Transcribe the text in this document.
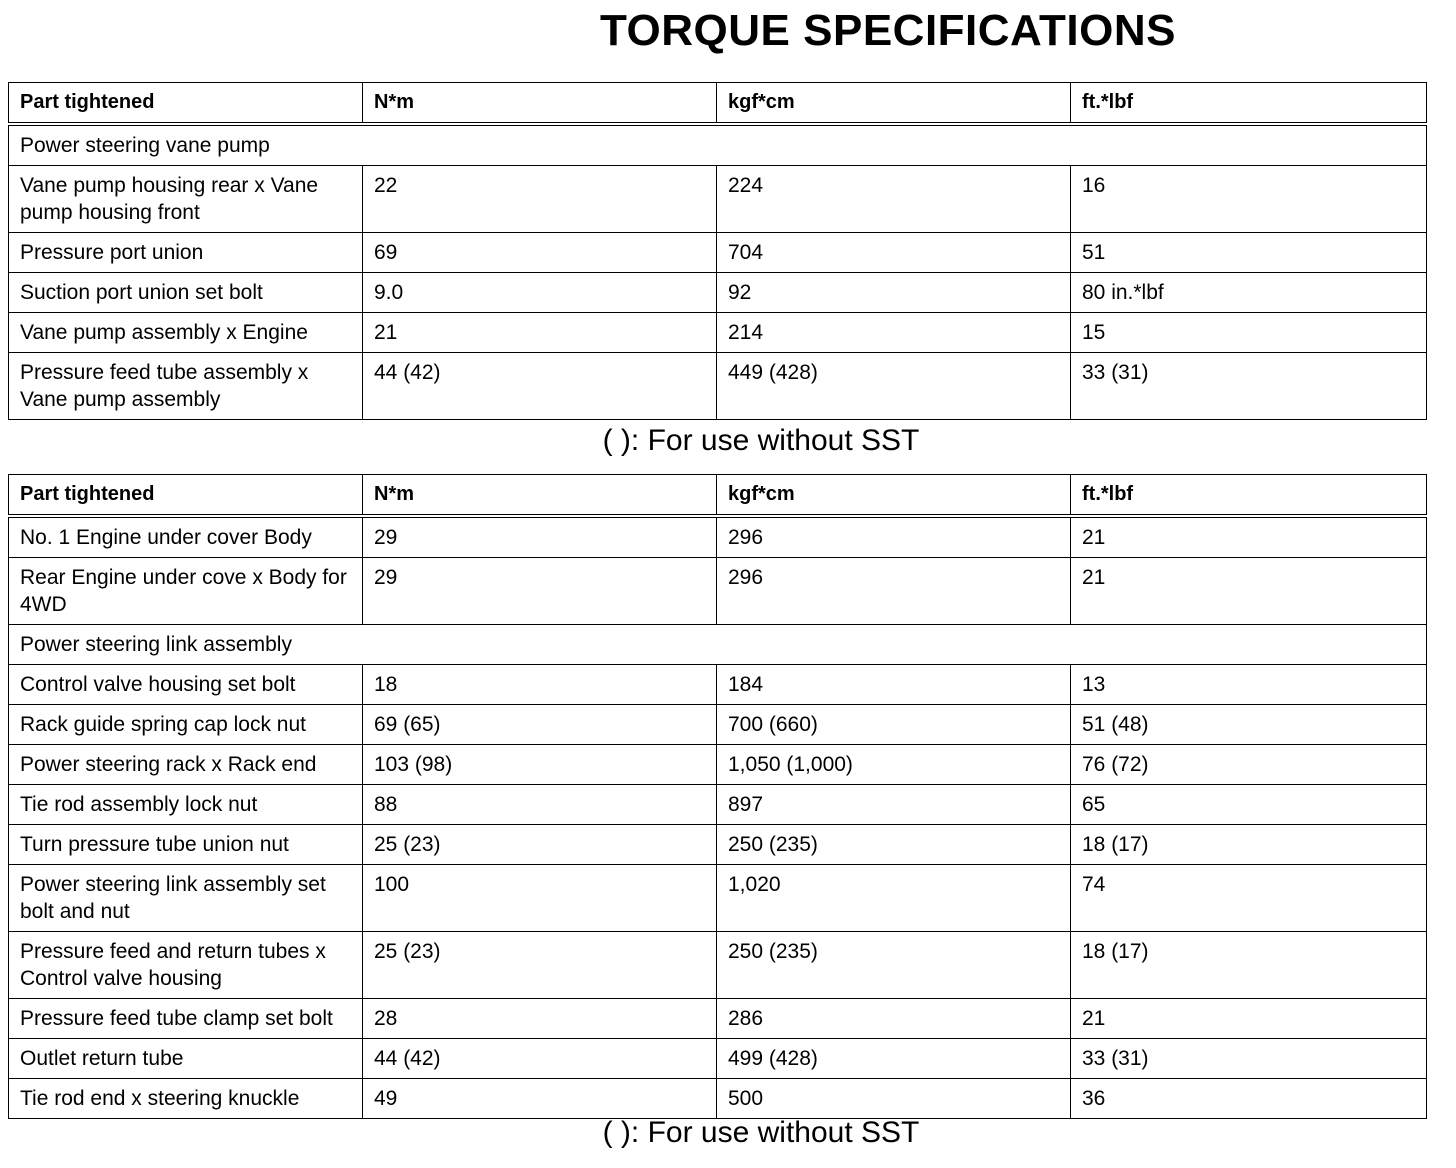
TORQUE SPECIFICATIONS
Part tightened	N*m	kgf*cm	ft.*lbf
Power steering vane pump			
Vane pump housing rear x Vane pump housing front	22	224	16
Pressure port union	69	704	51
Suction port union set bolt	9.0	92	80 in.*lbf
Vane pump assembly x Engine	21	214	15
Pressure feed tube assembly x Vane pump assembly	44 (42)	449 (428)	33 (31)
( ): For use without SST
Part tightened	N*m	kgf*cm	ft.*lbf
No. 1 Engine under cover Body	29	296	21
Rear Engine under cove x Body for 4WD	29	296	21
Power steering link assembly			
Control valve housing set bolt	18	184	13
Rack guide spring cap lock nut	69 (65)	700 (660)	51 (48)
Power steering rack x Rack end	103 (98)	1,050 (1,000)	76 (72)
Tie rod assembly lock nut	88	897	65
Turn pressure tube union nut	25 (23)	250 (235)	18 (17)
Power steering link assembly set bolt and nut	100	1,020	74
Pressure feed and return tubes x Control valve housing	25 (23)	250 (235)	18 (17)
Pressure feed tube clamp set bolt	28	286	21
Outlet return tube	44 (42)	499 (428)	33 (31)
Tie rod end x steering knuckle	49	500	36
( ): For use without SST
